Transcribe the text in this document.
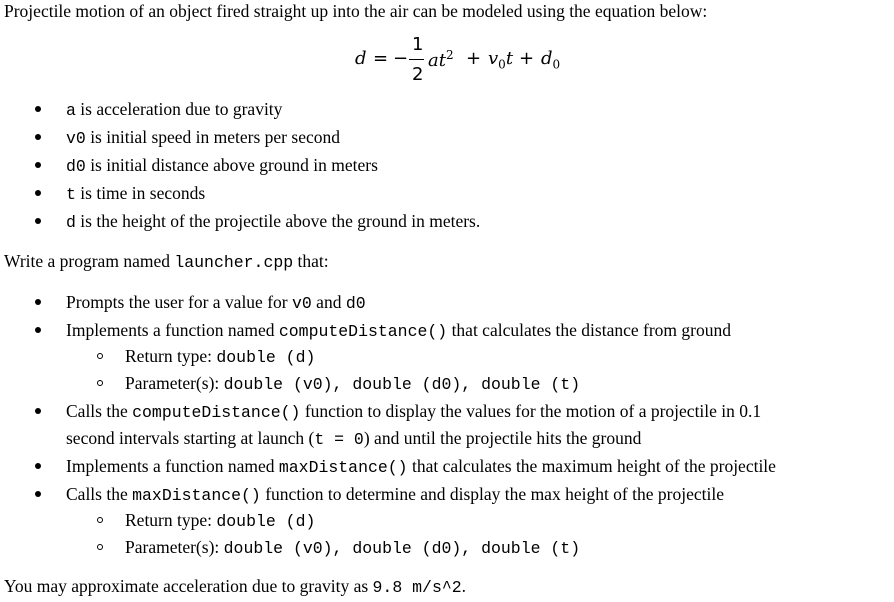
Projectile motion of an object fired straight up into the air can be modeled using the equation below:
d = −
1
2
$at^2 + v_0t + d_0$
a is acceleration due to gravity
v0 is initial speed in meters per second
d0 is initial distance above ground in meters
t is time in seconds
d is the height of the projectile above the ground in meters.
Write a program named launcher.cpp that:
Prompts the user for a value for v0 and d0
Implements a function named computeDistance() that calculates the distance from ground
Return type: double (d)
Parameter(s): double (v0), double (d0), double (t)
Calls the computeDistance() function to display the values for the motion of a projectile in 0.1
second intervals starting at launch (t = 0) and until the projectile hits the ground
Implements a function named maxDistance() that calculates the maximum height of the projectile
Calls the maxDistance() function to determine and display the max height of the projectile
Return type: double (d)
Parameter(s): double (v0), double (d0), double (t)
You may approximate acceleration due to gravity as 9.8 m/s^2.
